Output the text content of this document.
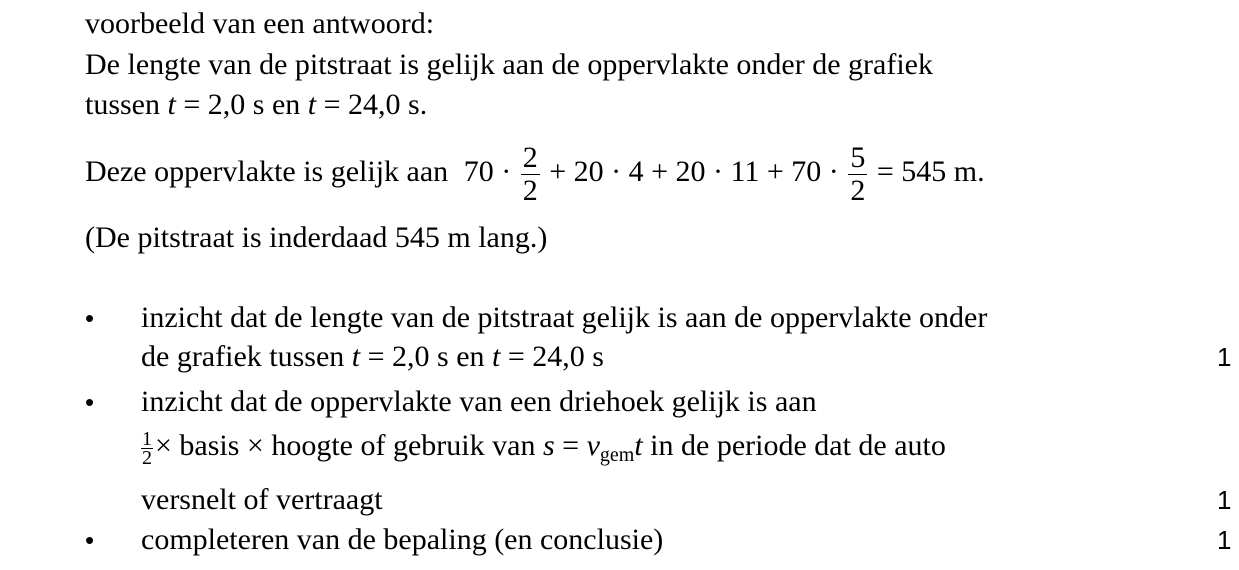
voorbeeld van een antwoord:
De lengte van de pitstraat is gelijk aan de oppervlakte onder de grafiek
tussen t = 2,0 s en t = 24,0 s.
Deze oppervlakte is gelijk aan $70 \cdot \frac{2}{2} + 20 \cdot 4 + 20 \cdot 11 + 70 \cdot \frac{5}{2} = 545$ m.
(De pitstraat is inderdaad 545 m lang.)
• inzicht dat de lengte van de pitstraat gelijk is aan de oppervlakte onder
de grafiek tussen t = 2,0 s en t = 24,0 s	1
• inzicht dat de oppervlakte van een driehoek gelijk is aan
$\frac{1}{2}$ × basis × hoogte of gebruik van $s = v_{gem}t$ in de periode dat de auto
versnelt of vertraagt	1
• completeren van de bepaling (en conclusie)	1
